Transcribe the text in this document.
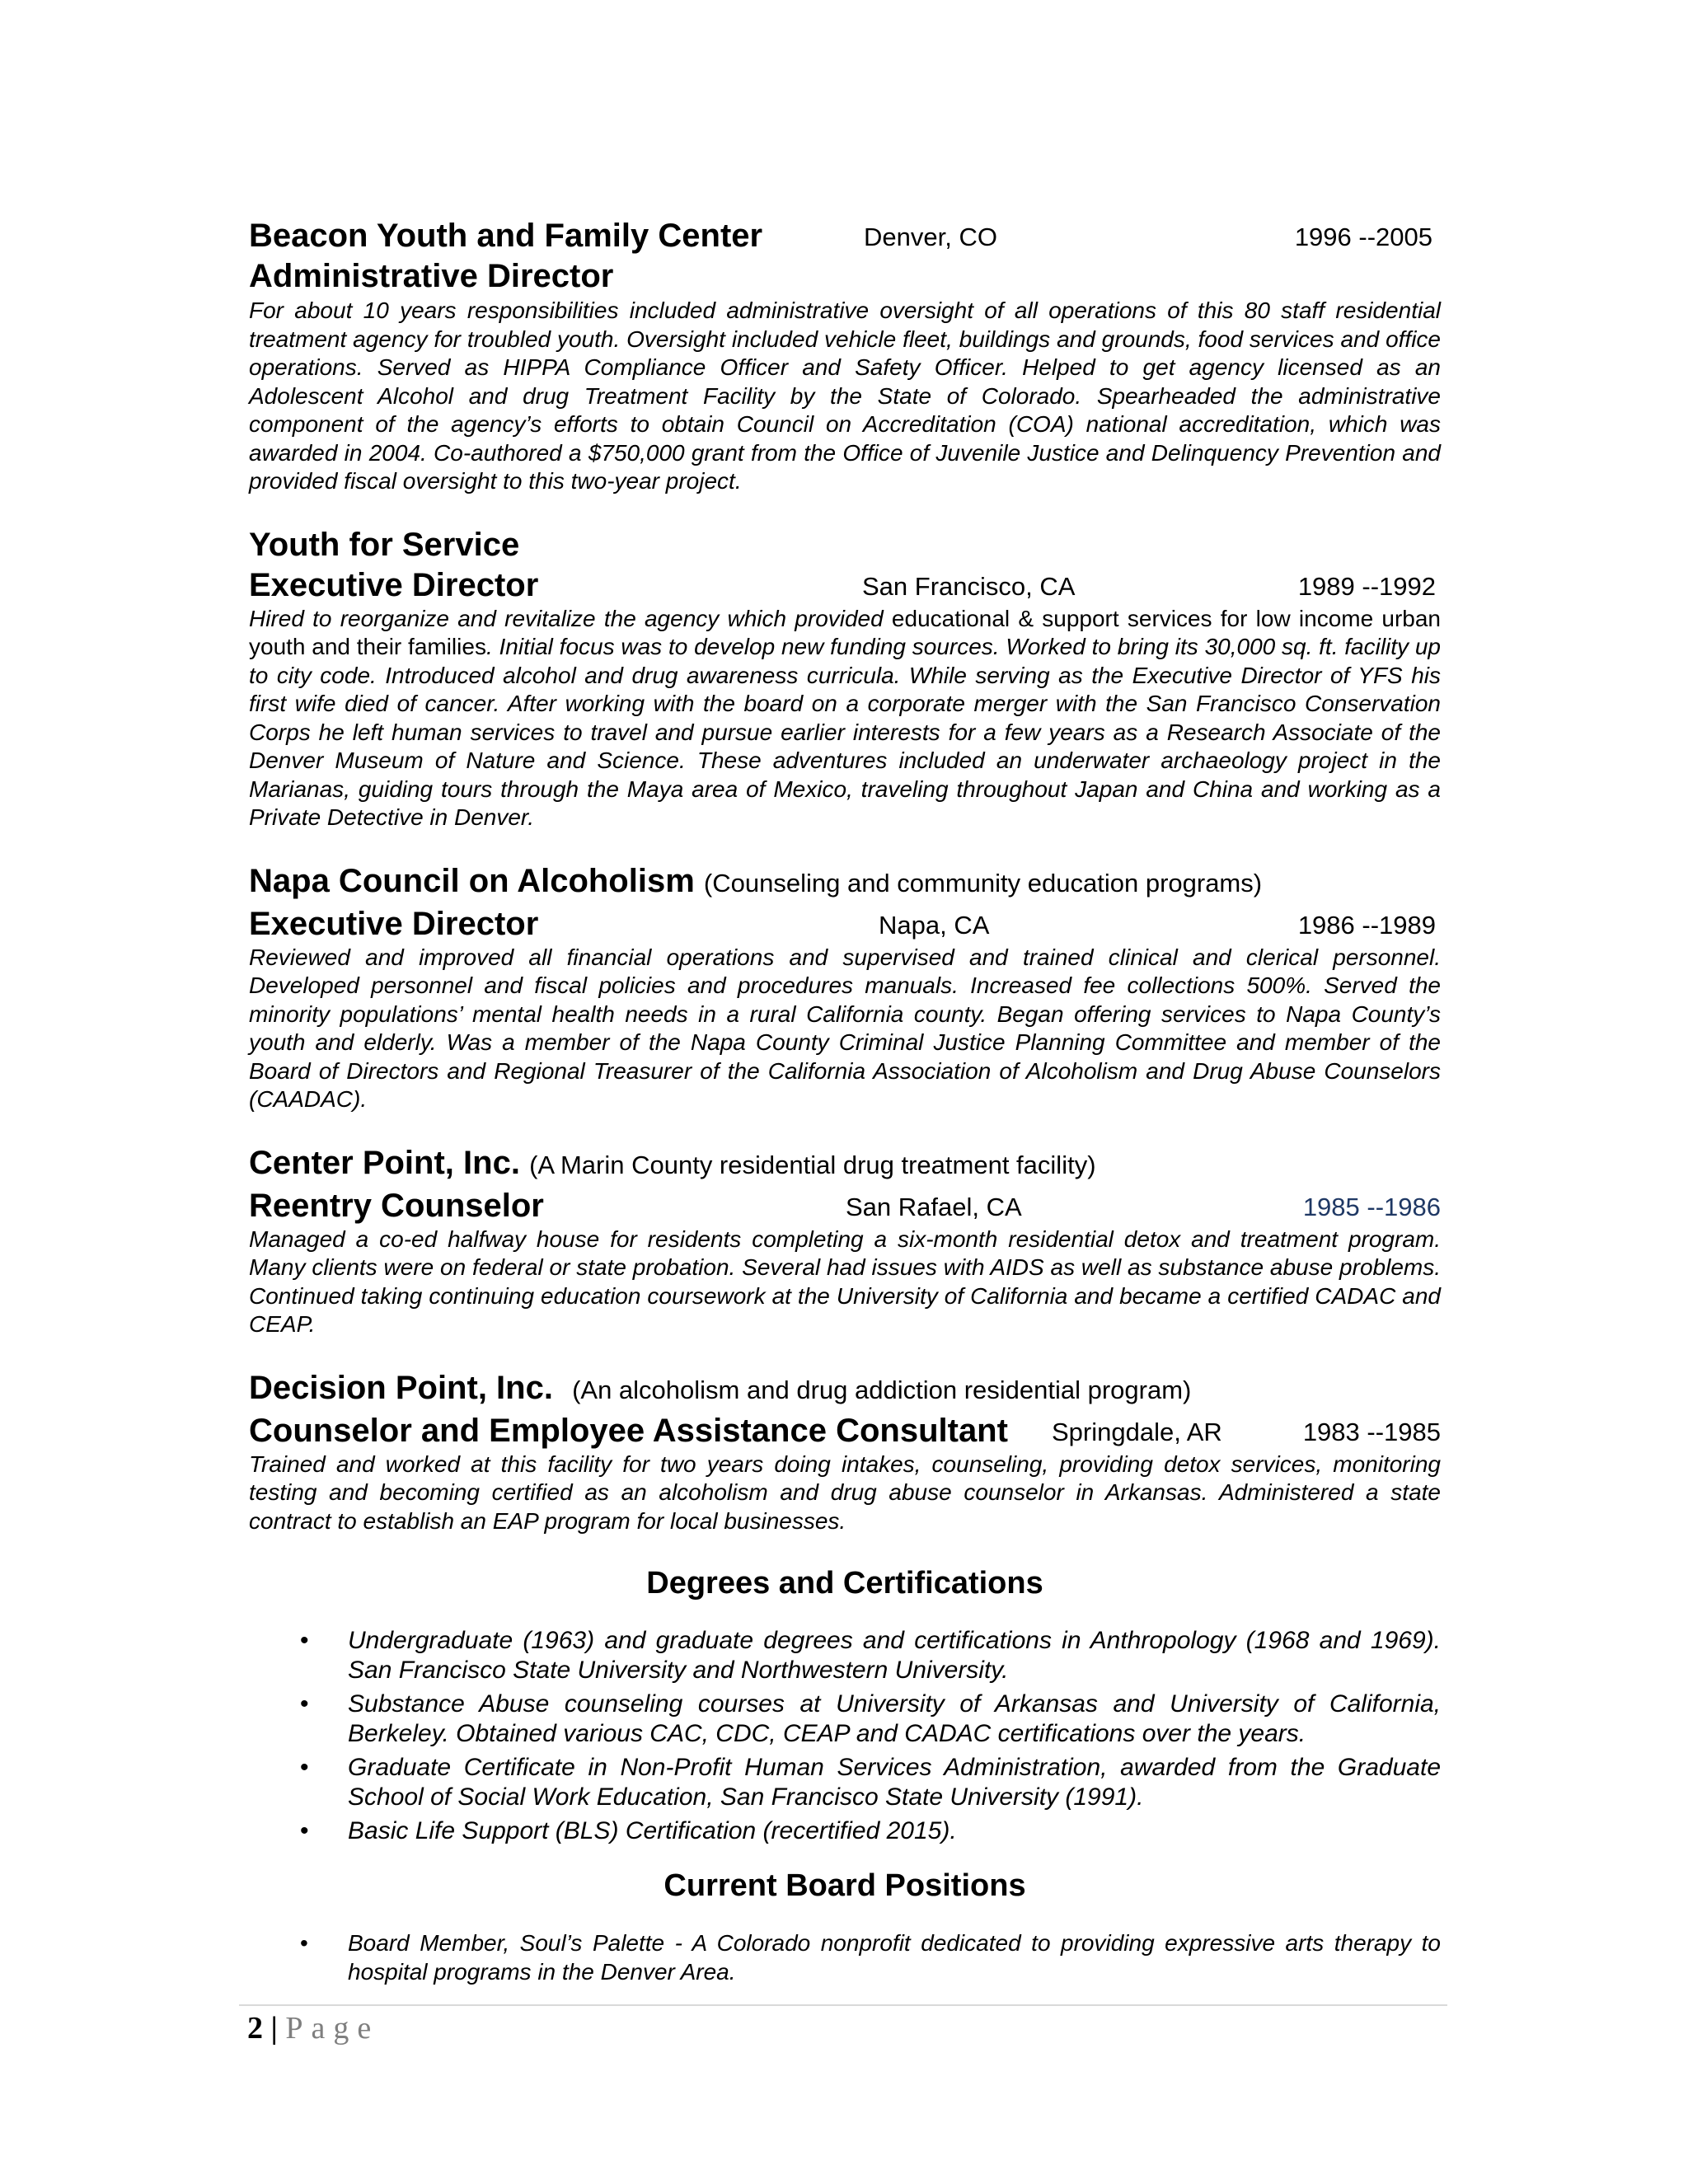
Beacon Youth and Family Center	Denver, CO	1996 --2005
Administrative Director

For about 10 years responsibilities included administrative oversight of all operations of this 80 staff residential treatment agency for troubled youth. Oversight included vehicle fleet, buildings and grounds, food services and office operations. Served as HIPPA Compliance Officer and Safety Officer. Helped to get agency licensed as an Adolescent Alcohol and drug Treatment Facility by the State of Colorado. Spearheaded the administrative component of the agency’s efforts to obtain Council on Accreditation (COA) national accreditation, which was awarded in 2004. Co-authored a $750,000 grant from the Office of Juvenile Justice and Delinquency Prevention and provided fiscal oversight to this two-year project.

Youth for Service
Executive Director	San Francisco, CA	1989 --1992

Hired to reorganize and revitalize the agency which provided educational & support services for low income urban youth and their families. Initial focus was to develop new funding sources. Worked to bring its 30,000 sq. ft. facility up to city code. Introduced alcohol and drug awareness curricula. While serving as the Executive Director of YFS his first wife died of cancer. After working with the board on a corporate merger with the San Francisco Conservation Corps he left human services to travel and pursue earlier interests for a few years as a Research Associate of the Denver Museum of Nature and Science. These adventures included an underwater archaeology project in the Marianas, guiding tours through the Maya area of Mexico, traveling throughout Japan and China and working as a Private Detective in Denver.

Napa Council on Alcoholism (Counseling and community education programs)
Executive Director	Napa, CA	1986 --1989

Reviewed and improved all financial operations and supervised and trained clinical and clerical personnel. Developed personnel and fiscal policies and procedures manuals. Increased fee collections 500%. Served the minority populations’ mental health needs in a rural California county. Began offering services to Napa County’s youth and elderly. Was a member of the Napa County Criminal Justice Planning Committee and member of the Board of Directors and Regional Treasurer of the California Association of Alcoholism and Drug Abuse Counselors (CAADAC).

Center Point, Inc. (A Marin County residential drug treatment facility)
Reentry Counselor	San Rafael, CA	1985 --1986

Managed a co-ed halfway house for residents completing a six-month residential detox and treatment program. Many clients were on federal or state probation. Several had issues with AIDS as well as substance abuse problems. Continued taking continuing education coursework at the University of California and became a certified CADAC and CEAP.

Decision Point, Inc. (An alcoholism and drug addiction residential program)
Counselor and Employee Assistance Consultant Springdale, AR	1983 --1985

Trained and worked at this facility for two years doing intakes, counseling, providing detox services, monitoring testing and becoming certified as an alcoholism and drug abuse counselor in Arkansas. Administered a state contract to establish an EAP program for local businesses.

Degrees and Certifications
• Undergraduate (1963) and graduate degrees and certifications in Anthropology (1968 and 1969). San Francisco State University and Northwestern University.
• Substance Abuse counseling courses at University of Arkansas and University of California, Berkeley. Obtained various CAC, CDC, CEAP and CADAC certifications over the years.
• Graduate Certificate in Non-Profit Human Services Administration, awarded from the Graduate School of Social Work Education, San Francisco State University (1991).
• Basic Life Support (BLS) Certification (recertified 2015).
Current Board Positions
• Board Member, Soul’s Palette - A Colorado nonprofit dedicated to providing expressive arts therapy to hospital programs in the Denver Area.
2 | Page
